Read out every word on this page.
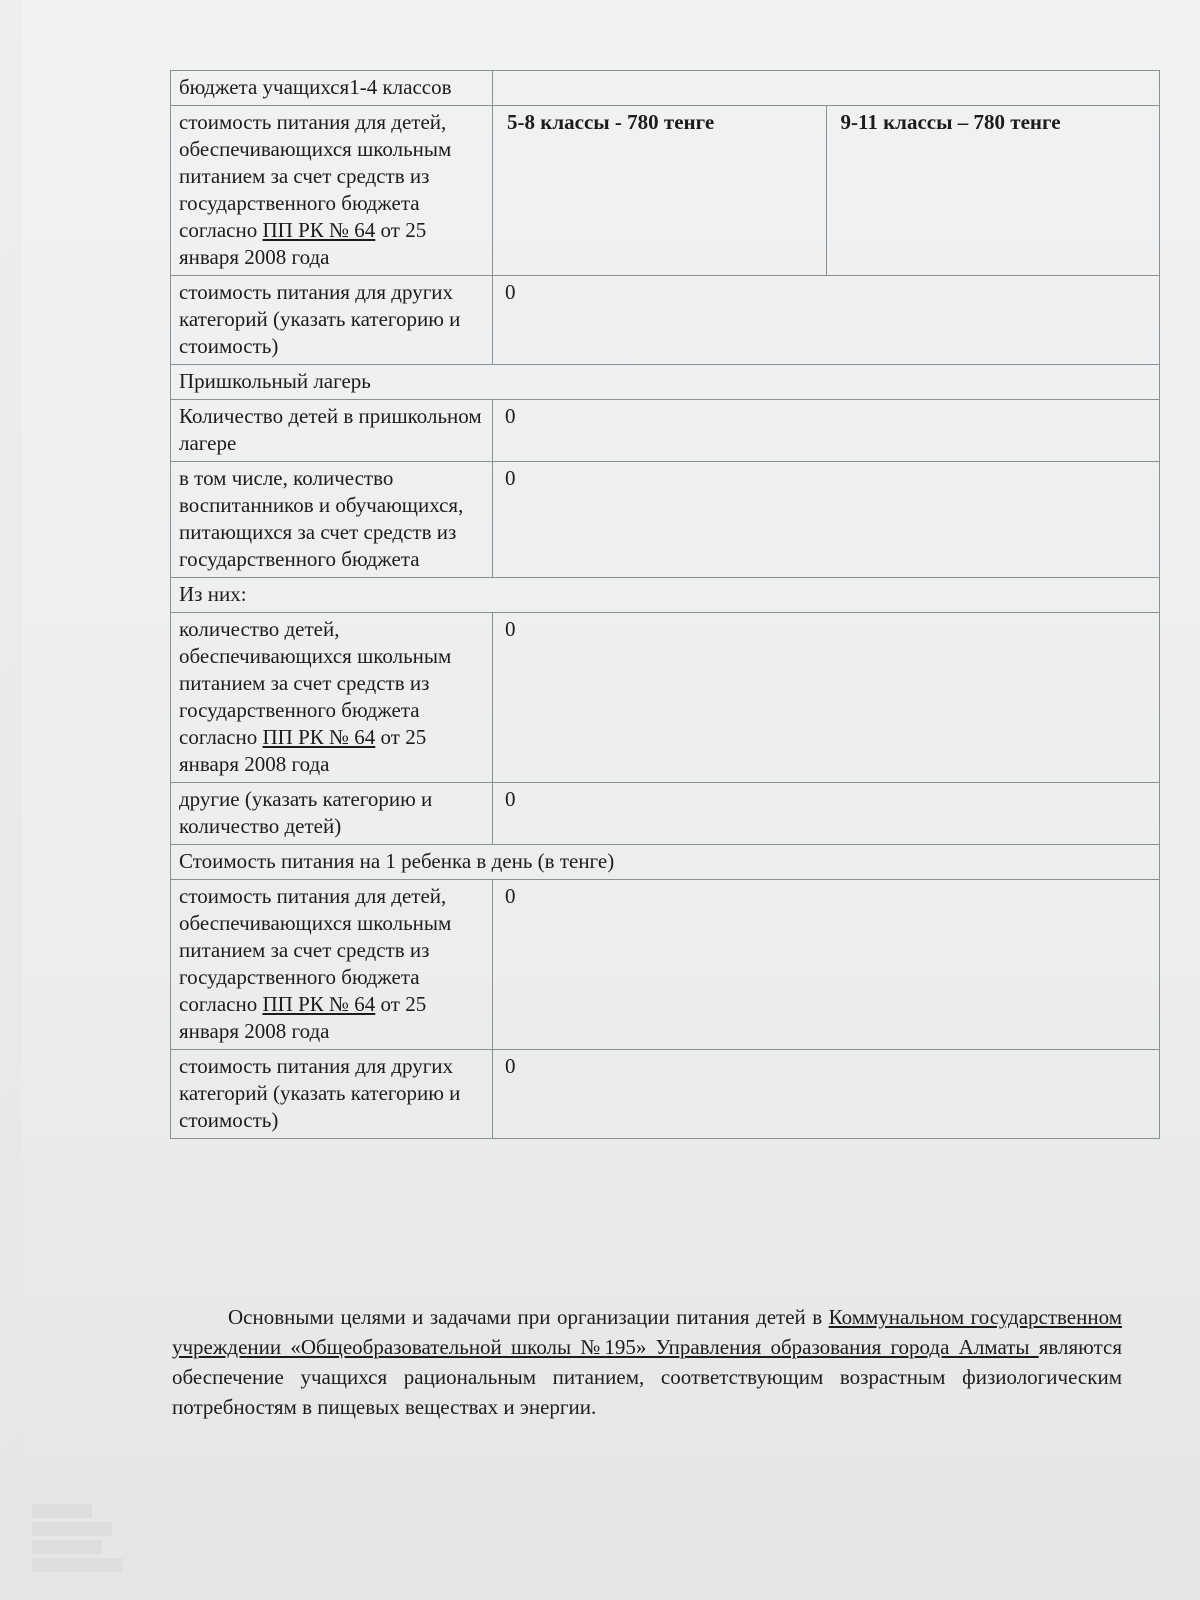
бюджета учащихся1-4 классов		
стоимость питания для детей, обеспечивающихся школьным питанием за счет средств из государственного бюджета согласно ПП РК № 64 от 25 января 2008 года	5-8 классы - 780 тенге	9-11 классы – 780 тенге
стоимость питания для других категорий (указать категорию и стоимость)	0	
Пришкольный лагерь		
Количество детей в пришкольном лагере	0	
в том числе, количество воспитанников и обучающихся, питающихся за счет средств из государственного бюджета	0	
Из них:		
количество детей, обеспечивающихся школьным питанием за счет средств из государственного бюджета согласно ПП РК № 64 от 25 января 2008 года	0	
другие (указать категорию и количество детей)	0	
Стоимость питания на 1 ребенка в день (в тенге)		
стоимость питания для детей, обеспечивающихся школьным питанием за счет средств из государственного бюджета согласно ПП РК № 64 от 25 января 2008 года	0	
стоимость питания для других категорий (указать категорию и стоимость)	0	
Основными целями и задачами при организации питания детей в Коммунальном государственном учреждении «Общеобразовательной школы №195» Управления образования города Алматы являются обеспечение учащихся рациональным питанием, соответствующим возрастным физиологическим потребностям в пищевых веществах и энергии.
